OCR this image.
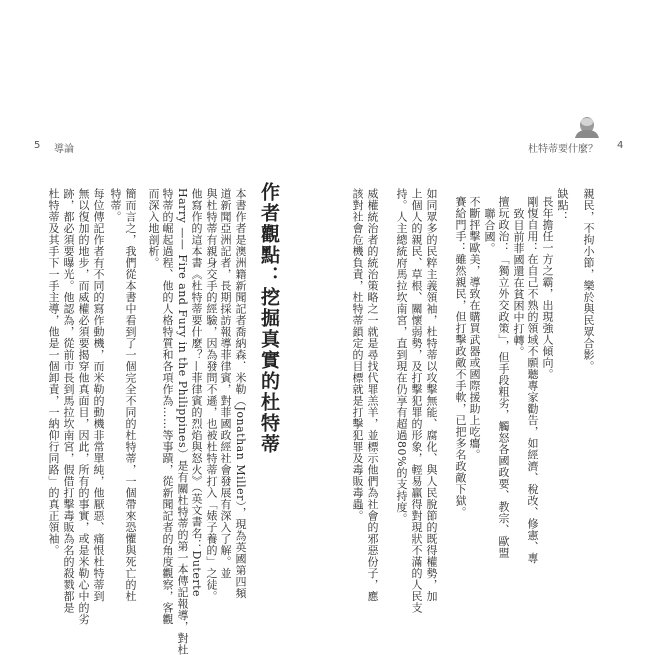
5 導論	杜特蒂要什麼？ 4
親民，不拘小節，樂於與民眾合影。
缺點：
長年擔任一方之霸，出現強人傾向。
剛愎自用：在自己不熟的領域不願聽專家勸告，如經濟、稅改、修憲、專
致目前菲國還在貧困中打轉。
擅玩政治：「獨立外交政策」，但手段粗劣，觸怒各國政要、教宗、歐盟
聯合國。
不斷抨擊歐美，導致在購買武器或國際援助上吃癟。
賽給門手：雖然親民，但打擊政敵不手軟，已把多名政敵下獄。
如同眾多的民粹主義領袖，杜特蒂以攻擊無能、腐化、與人民脫節的既得權勢，加
上個人的親民、草根、關懷弱勢，及打擊犯罪的形象，輕易贏得對現狀不滿的人民支
持。人主總統府馬拉坎南宮，直到現在仍享有超過80%的支持度。
威權統治者的統治策略之一就是尋找代罪羔羊，並標示他們為社會的邪惡份子，應
該對社會危機負責，杜特蒂鎖定的目標就是打擊犯罪及毒販毒蟲。
作者觀點：挖掘真實的杜特蒂
本書作者是澳洲籍新聞記者喬納森．米勒（Jonathan Miller），現為英國第四頻
道新聞亞洲記者，長期採訪報導菲律賓，對菲國政經社會發展有深入了解。並
與杜特蒂有親身交手的經驗，因為發問不遜，也被杜特蒂打入「婊子養的」之徒。
他寫作的這本書《杜特蒂要什麼？—菲律賓的烈焰與怒火》（英文書名：Duterte
Harry —— Fire and Fury in the Philippines）是有關杜特蒂的第一本傳記報導，對杜
特蒂的崛起過程、他的人格特質和各項作為……等事蹟，從新聞記者的角度觀察，客觀
而深入地剖析。
簡而言之，我們從本書中看到了一個完全不同的杜特蒂，一個帶來恐懼與死亡的杜
特蒂。
每位傳記作者有不同的寫作動機，而米勒的動機非常單純，他厭惡、痛恨杜特蒂到
無以復加的地步，而威權必須要揭穿他真面目，因此，所有的事實，或是米勒心中的劣
跡，都必須要曝光。他認為，從前市長到馬拉坎南宮，假借打擊毒販為名的殺戮都是
杜特蒂及其手下一手主導，他是一個卸責，一納仰行同路」的真正領袖。
